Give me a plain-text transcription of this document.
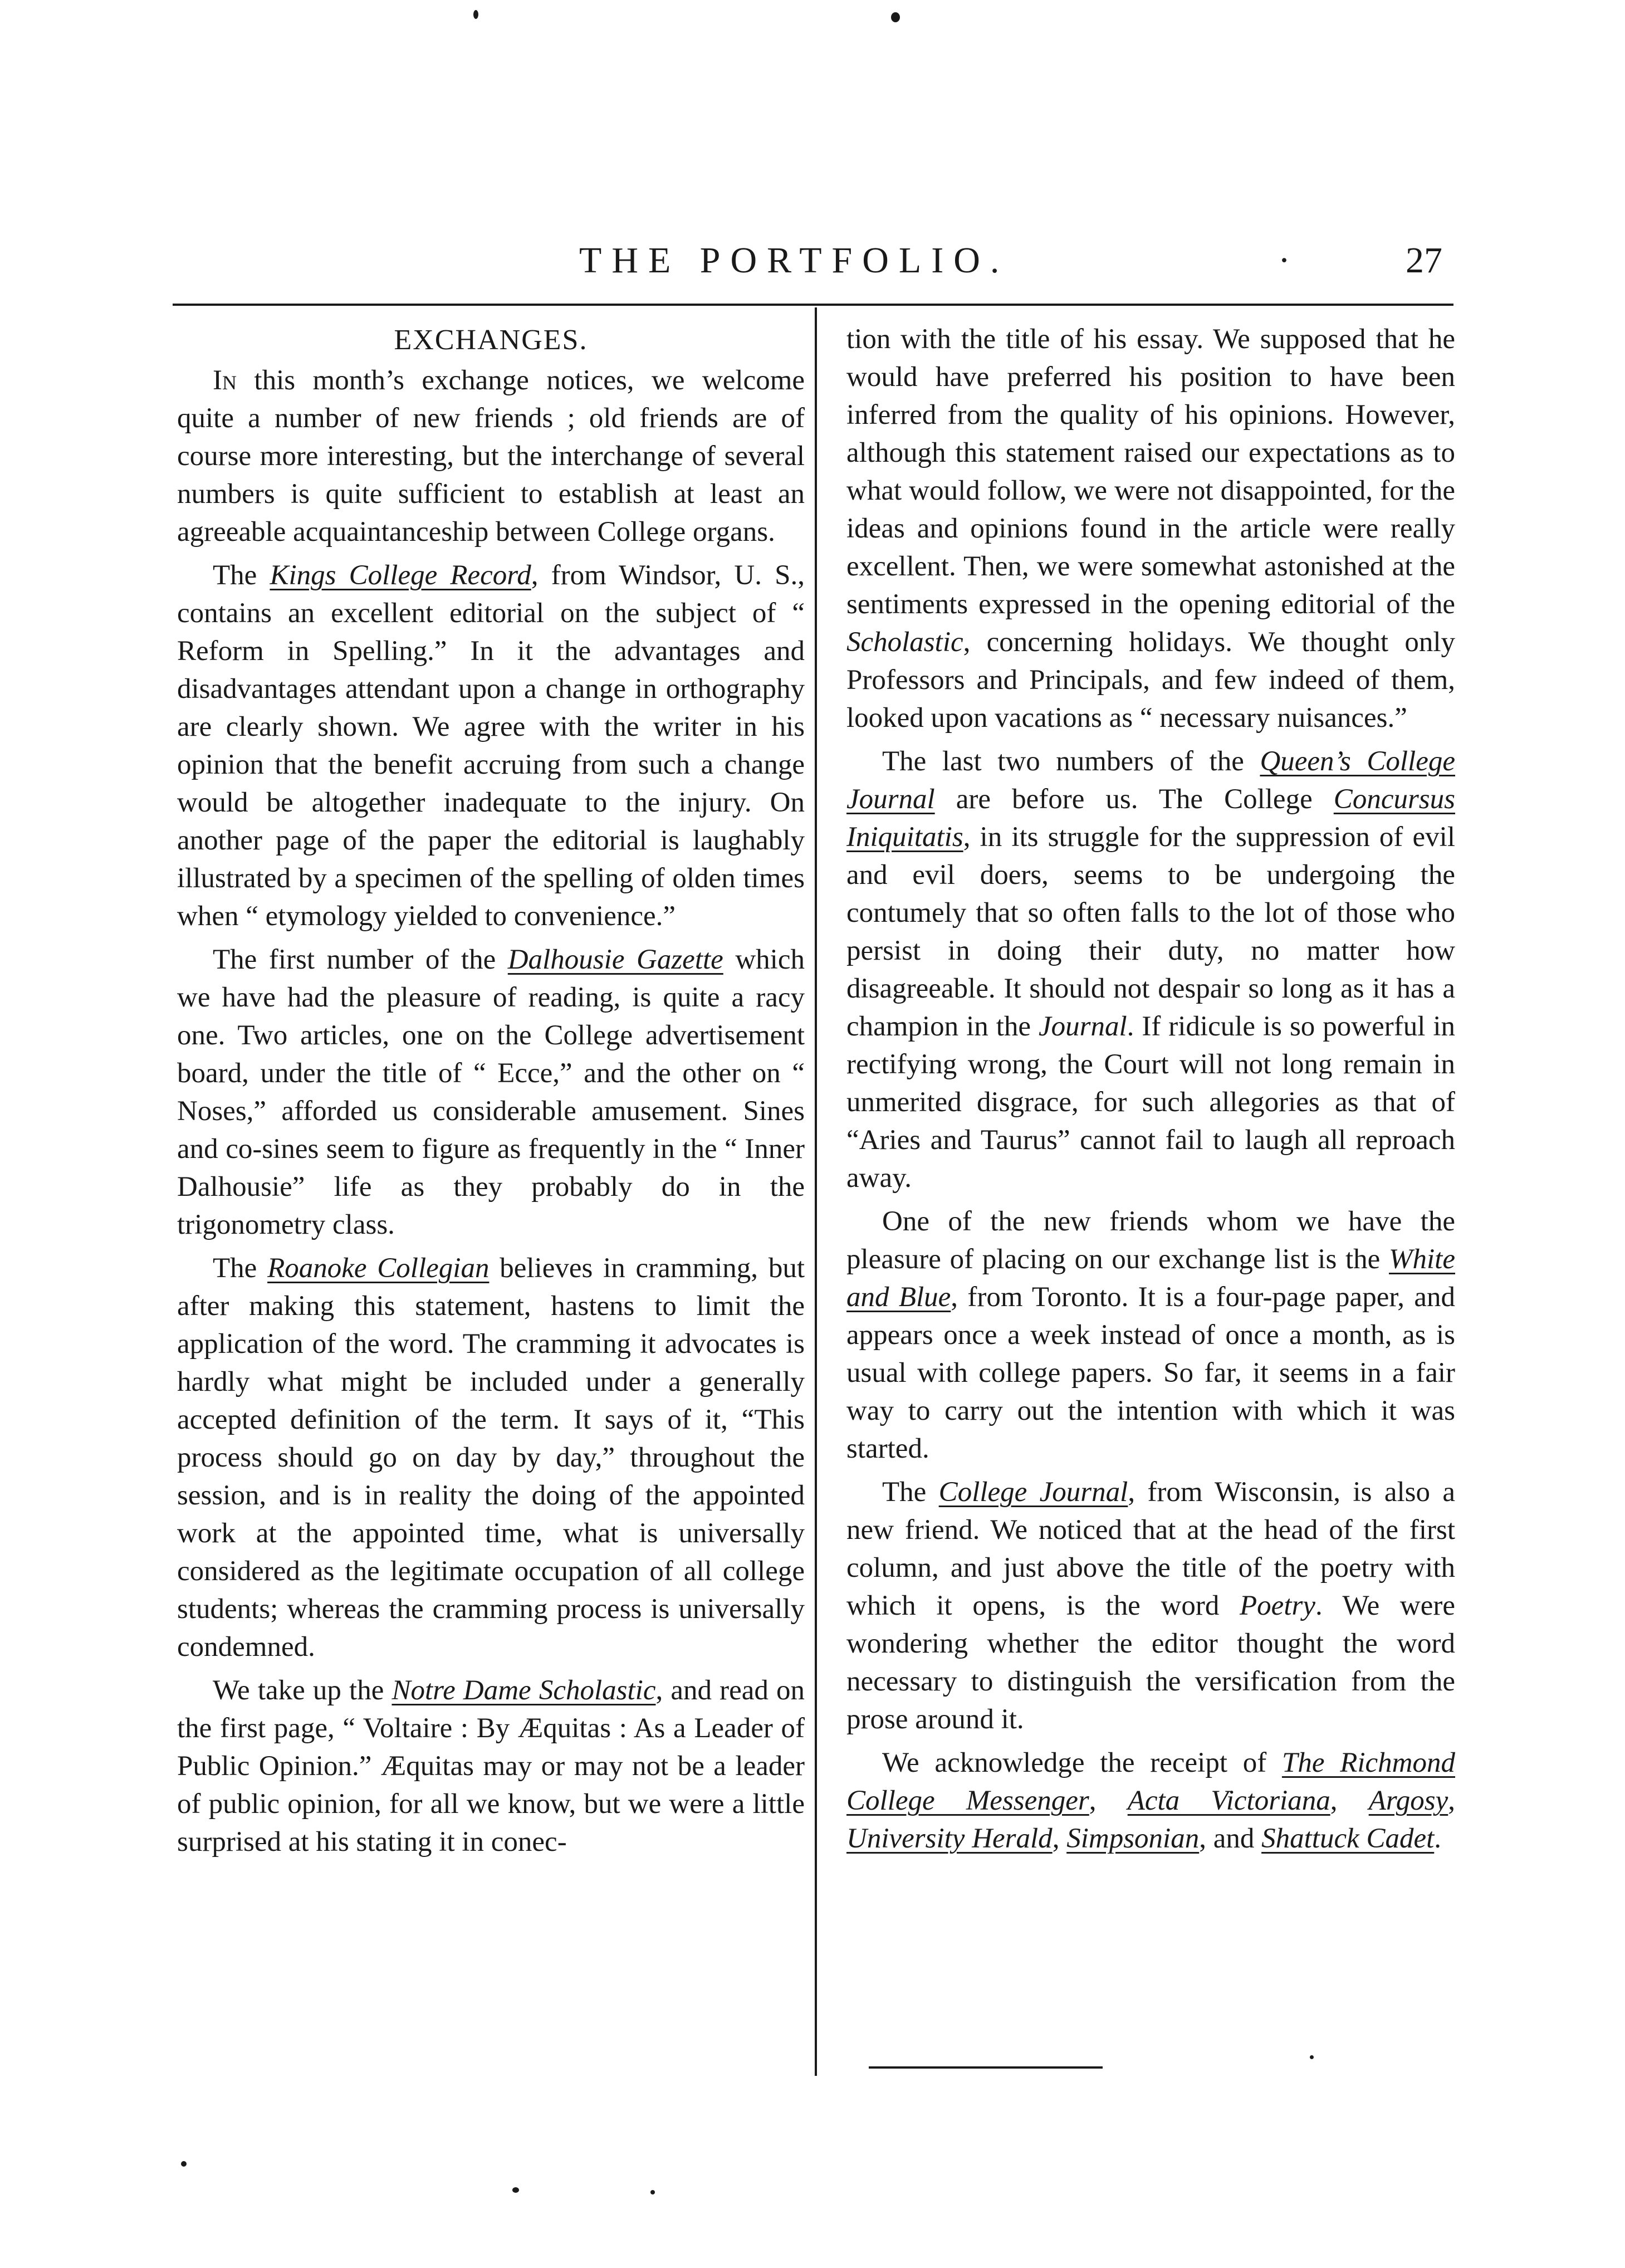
THE PORTFOLIO.	·	27
EXCHANGES.

In this month’s exchange notices, we welcome quite a number of new friends ; old friends are of course more interesting, but the interchange of several numbers is quite sufficient to establish at least an agreeable acquaintanceship between College organs.

The Kings College Record, from Windsor, U. S., contains an excellent editorial on the subject of “ Reform in Spelling.” In it the advantages and disadvantages attendant upon a change in orthography are clearly shown. We agree with the writer in his opinion that the benefit accruing from such a change would be altogether inadequate to the injury. On another page of the paper the editorial is laughably illustrated by a specimen of the spelling of olden times when “ etymology yielded to convenience.”

The first number of the Dalhousie Gazette which we have had the pleasure of reading, is quite a racy one. Two articles, one on the College advertisement board, under the title of “ Ecce,” and the other on “ Noses,” afforded us considerable amusement. Sines and co-sines seem to figure as frequently in the “ Inner Dalhousie” life as they probably do in the trigonometry class.

The Roanoke Collegian believes in cramming, but after making this statement, hastens to limit the application of the word. The cramming it advocates is hardly what might be included under a generally accepted definition of the term. It says of it, “This process should go on day by day,” throughout the session, and is in reality the doing of the appointed work at the appointed time, what is universally considered as the legitimate occupation of all college students; whereas the cramming process is universally condemned.

We take up the Notre Dame Scholastic, and read on the first page, “ Voltaire : By Æquitas : As a Leader of Public Opinion.” Æquitas may or may not be a leader of public opinion, for all we know, but we were a little surprised at his stating it in conec-

tion with the title of his essay. We supposed that he would have preferred his position to have been inferred from the quality of his opinions. However, although this statement raised our expectations as to what would follow, we were not disappointed, for the ideas and opinions found in the article were really excellent. Then, we were somewhat astonished at the sentiments expressed in the opening editorial of the Scholastic, concerning holidays. We thought only Professors and Principals, and few indeed of them, looked upon vacations as “ necessary nuisances.”

The last two numbers of the Queen’s College Journal are before us. The College Concursus Iniquitatis, in its struggle for the suppression of evil and evil doers, seems to be undergoing the contumely that so often falls to the lot of those who persist in doing their duty, no matter how disagreeable. It should not despair so long as it has a champion in the Journal. If ridicule is so powerful in rectifying wrong, the Court will not long remain in unmerited disgrace, for such allegories as that of “Aries and Taurus” cannot fail to laugh all reproach away.

One of the new friends whom we have the pleasure of placing on our exchange list is the White and Blue, from Toronto. It is a four-page paper, and appears once a week instead of once a month, as is usual with college papers. So far, it seems in a fair way to carry out the intention with which it was started.

The College Journal, from Wisconsin, is also a new friend. We noticed that at the head of the first column, and just above the title of the poetry with which it opens, is the word Poetry. We were wondering whether the editor thought the word necessary to distinguish the versification from the prose around it.

We acknowledge the receipt of The Richmond College Messenger, Acta Victoriana, Argosy, University Herald, Simpsonian, and Shattuck Cadet.
